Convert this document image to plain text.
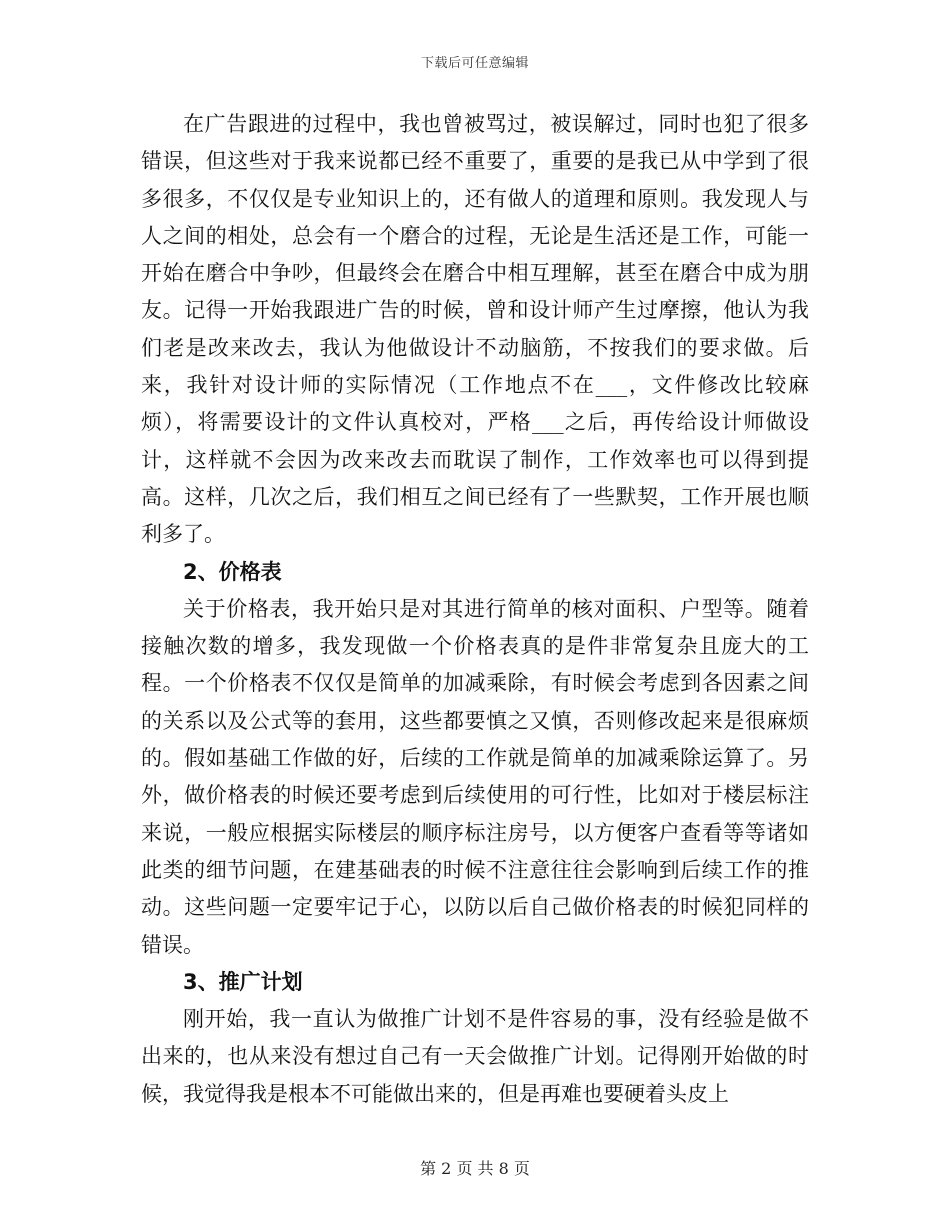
下载后可任意编辑

在广告跟进的过程中，我也曾被骂过，被误解过，同时也犯了很多错误，但这些对于我来说都已经不重要了，重要的是我已从中学到了很多很多，不仅仅是专业知识上的，还有做人的道理和原则。我发现人与人之间的相处，总会有一个磨合的过程，无论是生活还是工作，可能一开始在磨合中争吵，但最终会在磨合中相互理解，甚至在磨合中成为朋友。记得一开始我跟进广告的时候，曾和设计师产生过摩擦，他认为我们老是改来改去，我认为他做设计不动脑筋，不按我们的要求做。后来，我针对设计师的实际情况（工作地点不在___，文件修改比较麻烦），将需要设计的文件认真校对，严格___之后，再传给设计师做设计，这样就不会因为改来改去而耽误了制作，工作效率也可以得到提高。这样，几次之后，我们相互之间已经有了一些默契，工作开展也顺利多了。

2、价格表

关于价格表，我开始只是对其进行简单的核对面积、户型等。随着接触次数的增多，我发现做一个价格表真的是件非常复杂且庞大的工程。一个价格表不仅仅是简单的加减乘除，有时候会考虑到各因素之间的关系以及公式等的套用，这些都要慎之又慎，否则修改起来是很麻烦的。假如基础工作做的好，后续的工作就是简单的加减乘除运算了。另外，做价格表的时候还要考虑到后续使用的可行性，比如对于楼层标注来说，一般应根据实际楼层的顺序标注房号，以方便客户查看等等诸如此类的细节问题，在建基础表的时候不注意往往会影响到后续工作的推动。这些问题一定要牢记于心，以防以后自己做价格表的时候犯同样的错误。

3、推广计划

刚开始，我一直认为做推广计划不是件容易的事，没有经验是做不出来的，也从来没有想过自己有一天会做推广计划。记得刚开始做的时候，我觉得我是根本不可能做出来的，但是再难也要硬着头皮上

第 2 页 共 8 页
